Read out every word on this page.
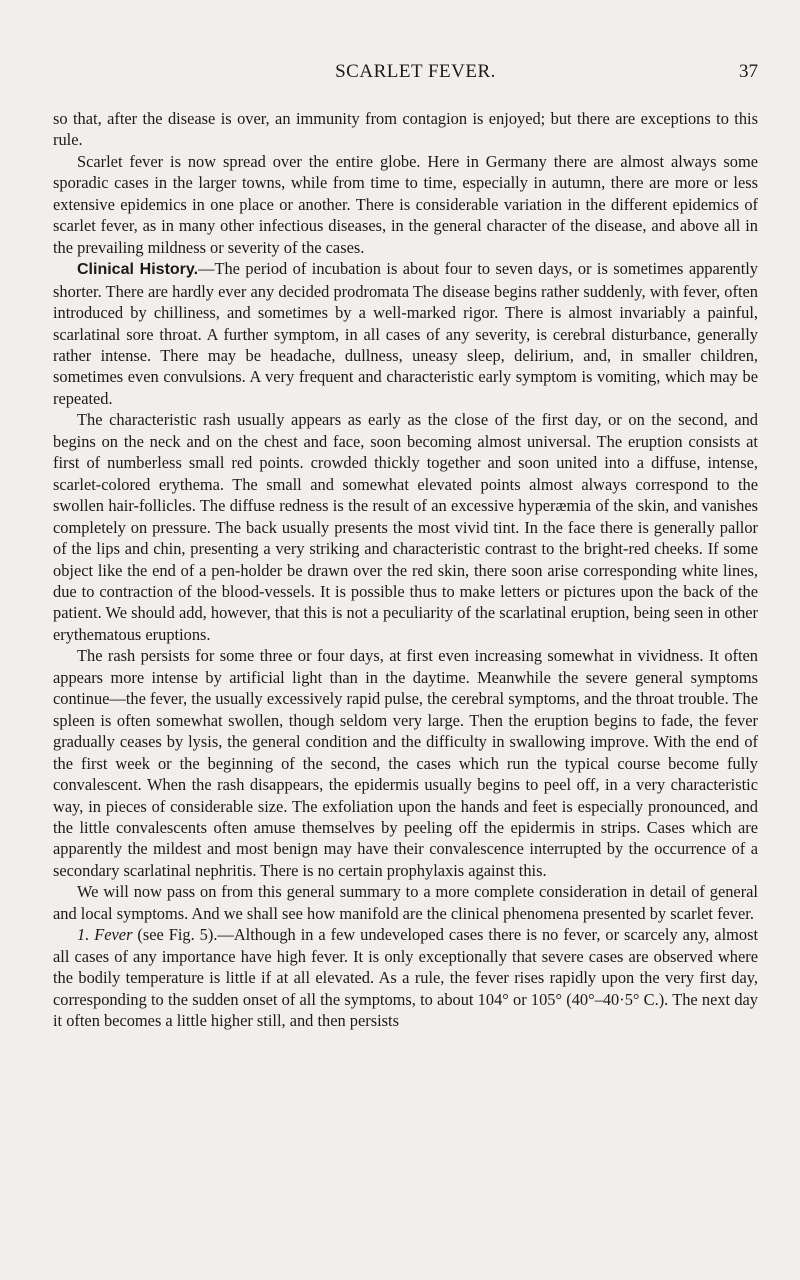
SCARLET FEVER.	37

so that, after the disease is over, an immunity from contagion is enjoyed; but there are exceptions to this rule.

Scarlet fever is now spread over the entire globe. Here in Germany there are almost always some sporadic cases in the larger towns, while from time to time, especially in autumn, there are more or less extensive epidemics in one place or another. There is considerable variation in the different epidemics of scarlet fever, as in many other infectious diseases, in the general character of the disease, and above all in the prevailing mildness or severity of the cases.

Clinical History.—The period of incubation is about four to seven days, or is sometimes apparently shorter. There are hardly ever any decided prodromata The disease begins rather suddenly, with fever, often introduced by chilliness, and sometimes by a well-marked rigor. There is almost invariably a painful, scarlatinal sore throat. A further symptom, in all cases of any severity, is cerebral disturbance, generally rather intense. There may be headache, dullness, uneasy sleep, delirium, and, in smaller children, sometimes even convulsions. A very frequent and characteristic early symptom is vomiting, which may be repeated.

The characteristic rash usually appears as early as the close of the first day, or on the second, and begins on the neck and on the chest and face, soon becoming almost universal. The eruption consists at first of numberless small red points. crowded thickly together and soon united into a diffuse, intense, scarlet-colored erythema. The small and somewhat elevated points almost always correspond to the swollen hair-follicles. The diffuse redness is the result of an excessive hyperæmia of the skin, and vanishes completely on pressure. The back usually presents the most vivid tint. In the face there is generally pallor of the lips and chin, presenting a very striking and characteristic contrast to the bright-red cheeks. If some object like the end of a pen-holder be drawn over the red skin, there soon arise corresponding white lines, due to contraction of the blood-vessels. It is possible thus to make letters or pictures upon the back of the patient. We should add, however, that this is not a peculiarity of the scarlatinal eruption, being seen in other erythematous eruptions.

The rash persists for some three or four days, at first even increasing somewhat in vividness. It often appears more intense by artificial light than in the daytime. Meanwhile the severe general symptoms continue—the fever, the usually excessively rapid pulse, the cerebral symptoms, and the throat trouble. The spleen is often somewhat swollen, though seldom very large. Then the eruption begins to fade, the fever gradually ceases by lysis, the general condition and the difficulty in swallowing improve. With the end of the first week or the beginning of the second, the cases which run the typical course become fully convalescent. When the rash disappears, the epidermis usually begins to peel off, in a very characteristic way, in pieces of considerable size. The exfoliation upon the hands and feet is especially pronounced, and the little convalescents often amuse themselves by peeling off the epidermis in strips. Cases which are apparently the mildest and most benign may have their convalescence interrupted by the occurrence of a secondary scarlatinal nephritis. There is no certain prophylaxis against this.

We will now pass on from this general summary to a more complete consideration in detail of general and local symptoms. And we shall see how manifold are the clinical phenomena presented by scarlet fever.

1. Fever (see Fig. 5).—Although in a few undeveloped cases there is no fever, or scarcely any, almost all cases of any importance have high fever. It is only exceptionally that severe cases are observed where the bodily temperature is little if at all elevated. As a rule, the fever rises rapidly upon the very first day, corresponding to the sudden onset of all the symptoms, to about 104° or 105° (40°–40·5° C.). The next day it often becomes a little higher still, and then persists
